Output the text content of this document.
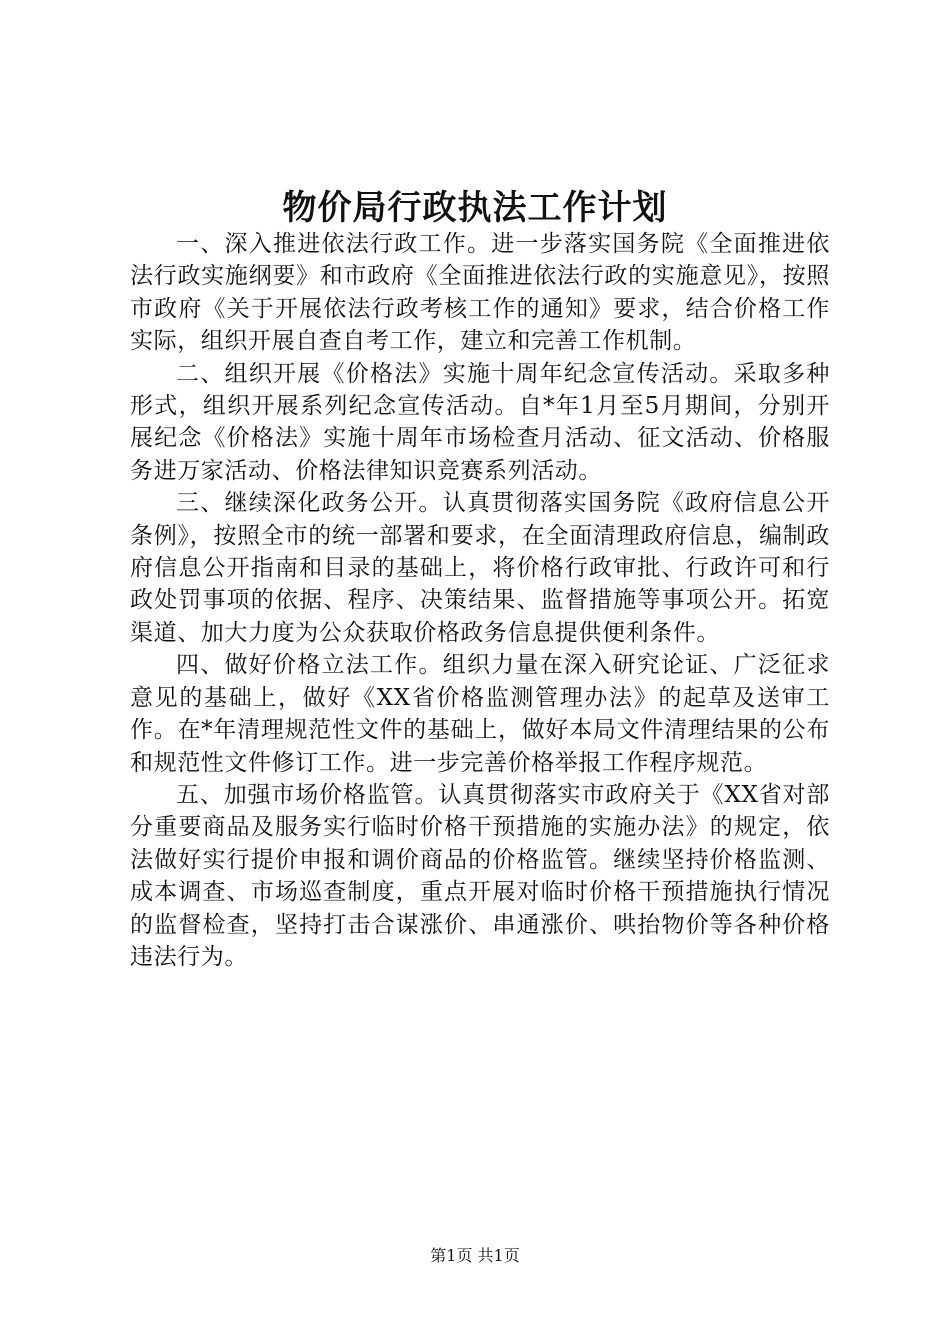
物价局行政执法工作计划

一、深入推进依法行政工作。进一步落实国务院《全面推进依法行政实施纲要》和市政府《全面推进依法行政的实施意见》，按照市政府《关于开展依法行政考核工作的通知》要求，结合价格工作实际，组织开展自查自考工作，建立和完善工作机制。

二、组织开展《价格法》实施十周年纪念宣传活动。采取多种形式，组织开展系列纪念宣传活动。自*年1月至5月期间，分别开展纪念《价格法》实施十周年市场检查月活动、征文活动、价格服务进万家活动、价格法律知识竞赛系列活动。

三、继续深化政务公开。认真贯彻落实国务院《政府信息公开条例》，按照全市的统一部署和要求，在全面清理政府信息，编制政府信息公开指南和目录的基础上，将价格行政审批、行政许可和行政处罚事项的依据、程序、决策结果、监督措施等事项公开。拓宽渠道、加大力度为公众获取价格政务信息提供便利条件。

四、做好价格立法工作。组织力量在深入研究论证、广泛征求意见的基础上，做好《XX省价格监测管理办法》的起草及送审工作。在*年清理规范性文件的基础上，做好本局文件清理结果的公布和规范性文件修订工作。进一步完善价格举报工作程序规范。

五、加强市场价格监管。认真贯彻落实市政府关于《XX省对部分重要商品及服务实行临时价格干预措施的实施办法》的规定，依法做好实行提价申报和调价商品的价格监管。继续坚持价格监测、成本调查、市场巡查制度，重点开展对临时价格干预措施执行情况的监督检查，坚持打击合谋涨价、串通涨价、哄抬物价等各种价格违法行为。

第1页 共1页
